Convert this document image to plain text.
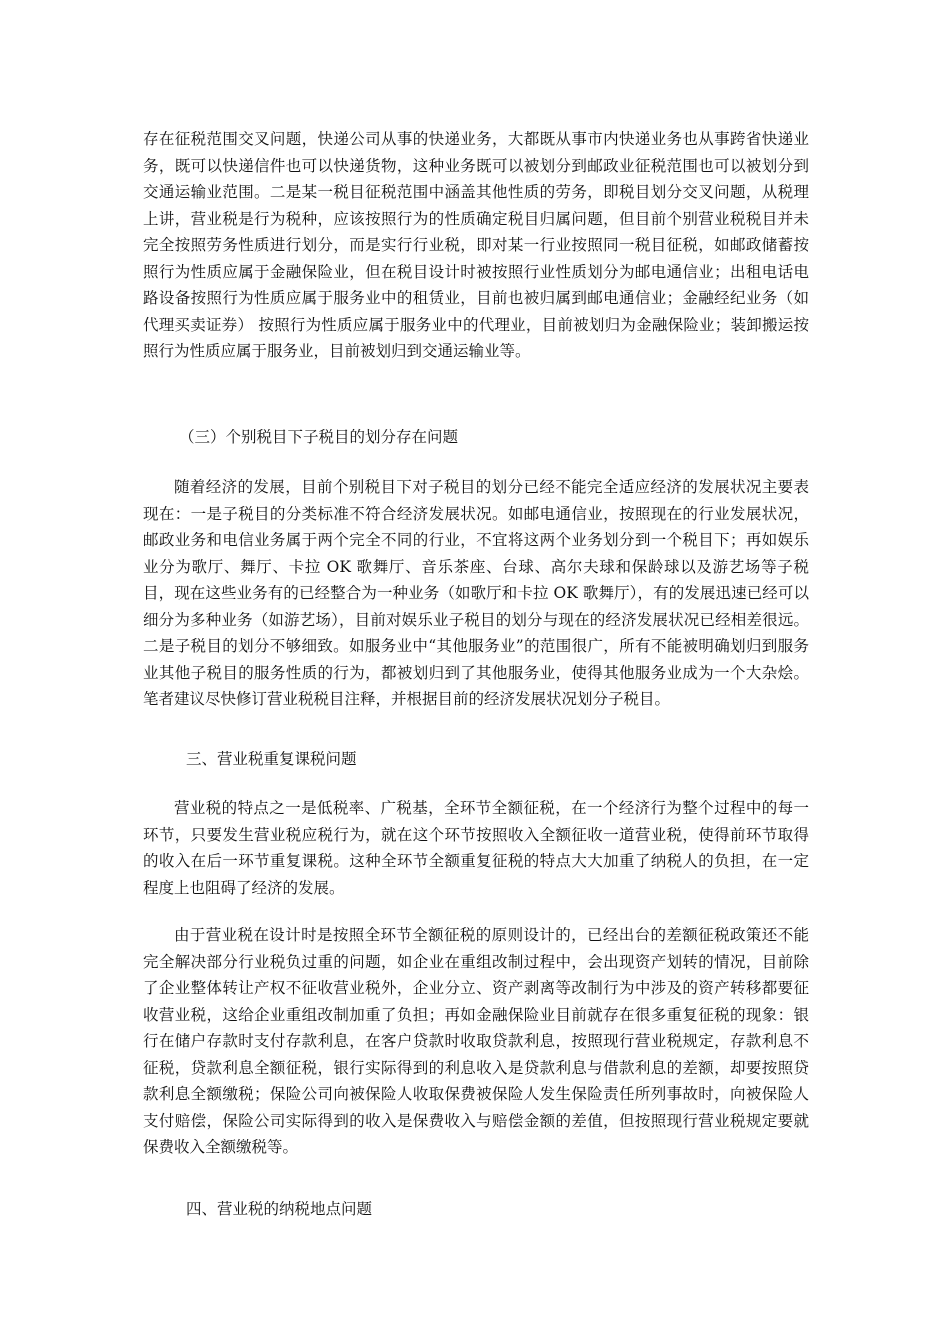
存在征税范围交叉问题，快递公司从事的快递业务，大都既从事市内快递业务也从事跨省快递业务，既可以快递信件也可以快递货物，这种业务既可以被划分到邮政业征税范围也可以被划分到交通运输业范围。二是某一税目征税范围中涵盖其他性质的劳务，即税目划分交叉问题，从税理上讲，营业税是行为税种，应该按照行为的性质确定税目归属问题，但目前个别营业税税目并未完全按照劳务性质进行划分，而是实行行业税，即对某一行业按照同一税目征税，如邮政储蓄按照行为性质应属于金融保险业，但在税目设计时被按照行业性质划分为邮电通信业；出租电话电路设备按照行为性质应属于服务业中的租赁业，目前也被归属到邮电通信业；金融经纪业务（如代理买卖证券） 按照行为性质应属于服务业中的代理业，目前被划归为金融保险业；装卸搬运按照行为性质应属于服务业，目前被划归到交通运输业等。

（三）个别税目下子税目的划分存在问题

随着经济的发展，目前个别税目下对子税目的划分已经不能完全适应经济的发展状况主要表现在：一是子税目的分类标准不符合经济发展状况。如邮电通信业，按照现在的行业发展状况，邮政业务和电信业务属于两个完全不同的行业，不宜将这两个业务划分到一个税目下；再如娱乐业分为歌厅、舞厅、卡拉 OK 歌舞厅、音乐茶座、台球、高尔夫球和保龄球以及游艺场等子税目，现在这些业务有的已经整合为一种业务（如歌厅和卡拉 OK 歌舞厅），有的发展迅速已经可以细分为多种业务（如游艺场），目前对娱乐业子税目的划分与现在的经济发展状况已经相差很远。二是子税目的划分不够细致。如服务业中“其他服务业”的范围很广，所有不能被明确划归到服务业其他子税目的服务性质的行为，都被划归到了其他服务业，使得其他服务业成为一个大杂烩。笔者建议尽快修订营业税税目注释，并根据目前的经济发展状况划分子税目。

三、营业税重复课税问题

营业税的特点之一是低税率、广税基，全环节全额征税，在一个经济行为整个过程中的每一环节，只要发生营业税应税行为，就在这个环节按照收入全额征收一道营业税，使得前环节取得的收入在后一环节重复课税。这种全环节全额重复征税的特点大大加重了纳税人的负担，在一定程度上也阻碍了经济的发展。

由于营业税在设计时是按照全环节全额征税的原则设计的，已经出台的差额征税政策还不能完全解决部分行业税负过重的问题，如企业在重组改制过程中，会出现资产划转的情况，目前除了企业整体转让产权不征收营业税外，企业分立、资产剥离等改制行为中涉及的资产转移都要征收营业税，这给企业重组改制加重了负担；再如金融保险业目前就存在很多重复征税的现象：银行在储户存款时支付存款利息，在客户贷款时收取贷款利息，按照现行营业税规定，存款利息不征税，贷款利息全额征税，银行实际得到的利息收入是贷款利息与借款利息的差额，却要按照贷款利息全额缴税；保险公司向被保险人收取保费被保险人发生保险责任所列事故时，向被保险人支付赔偿，保险公司实际得到的收入是保费收入与赔偿金额的差值，但按照现行营业税规定要就保费收入全额缴税等。

四、营业税的纳税地点问题
